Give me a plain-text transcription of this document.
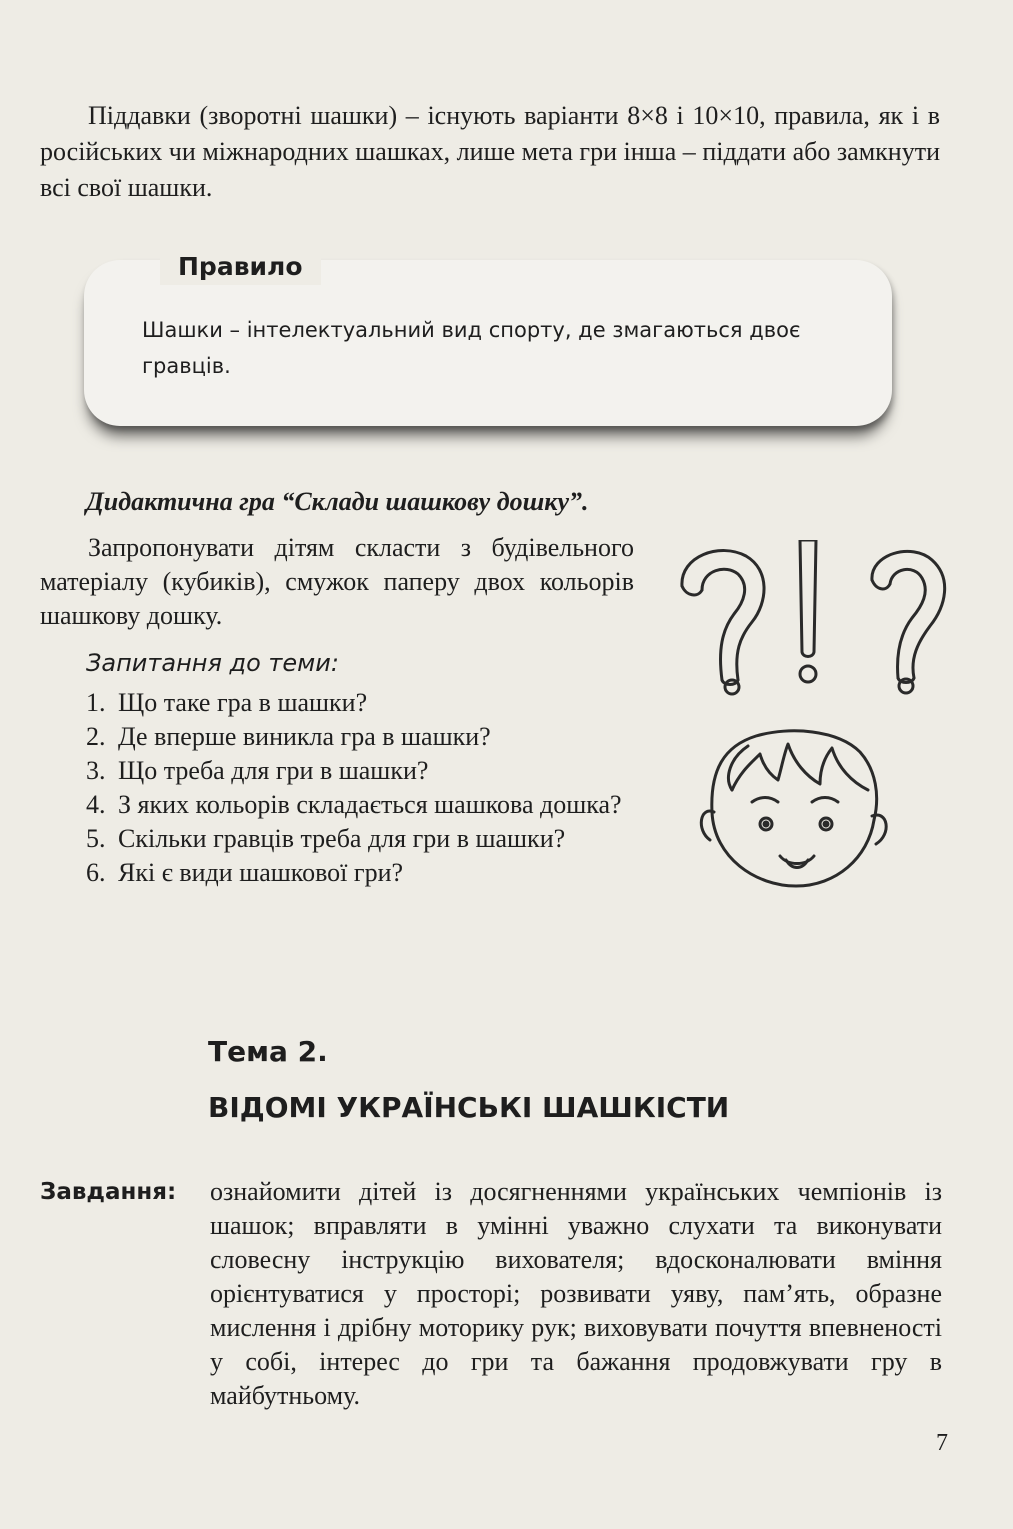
Піддавки (зворотні шашки) – існують варіанти 8×8 і 10×10, правила, як і в російських чи міжнародних шашках, лише мета гри інша – піддати або замкнути всі свої шашки.

Правило

Шашки – інтелектуальний вид спорту, де змагаються двоє гравців.

Дидактична гра “Склади шашкову дошку”.

Запропонувати дітям скласти з будівельного матеріалу (кубиків), смужок паперу двох кольорів шашкову дошку.

Запитання до теми:

1. Що таке гра в шашки?
2. Де вперше виникла гра в шашки?
3. Що треба для гри в шашки?
4. З яких кольорів складається шашкова дошка?
5. Скільки гравців треба для гри в шашки?
6. Які є види шашкової гри?
Тема 2.
ВІДОМІ УКРАЇНСЬКІ ШАШКІСТИ

Завдання: ознайомити дітей із досягненнями українських чемпіонів із шашок; вправляти в умінні уважно слухати та виконувати словесну інструкцію вихователя; вдосконалювати вміння орієнтуватися у просторі; розвивати уяву, пам’ять, образне мислення і дрібну моторику рук; виховувати почуття впевненості у собі, інтерес до гри та бажання продовжувати гру в майбутньому.

7
